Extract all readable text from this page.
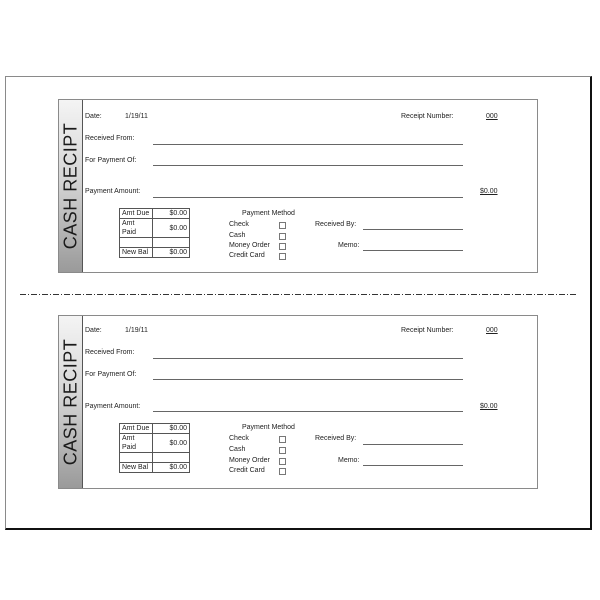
CASH RECIPT
Date:	1/19/11	Receipt Number:	000
Received From:
For Payment Of:
Payment Amount:	$0.00
Amt Due	$0.00
Amt Paid	$0.00

New Bal	$0.00
Payment Method
Check
Cash
Money Order
Credit Card
Received By:
Memo:
CASH RECIPT
Date:	1/19/11	Receipt Number:	000
Received From:
For Payment Of:
Payment Amount:	$0.00
Amt Due	$0.00
Amt Paid	$0.00

New Bal	$0.00
Payment Method
Check
Cash
Money Order
Credit Card
Received By:
Memo:
